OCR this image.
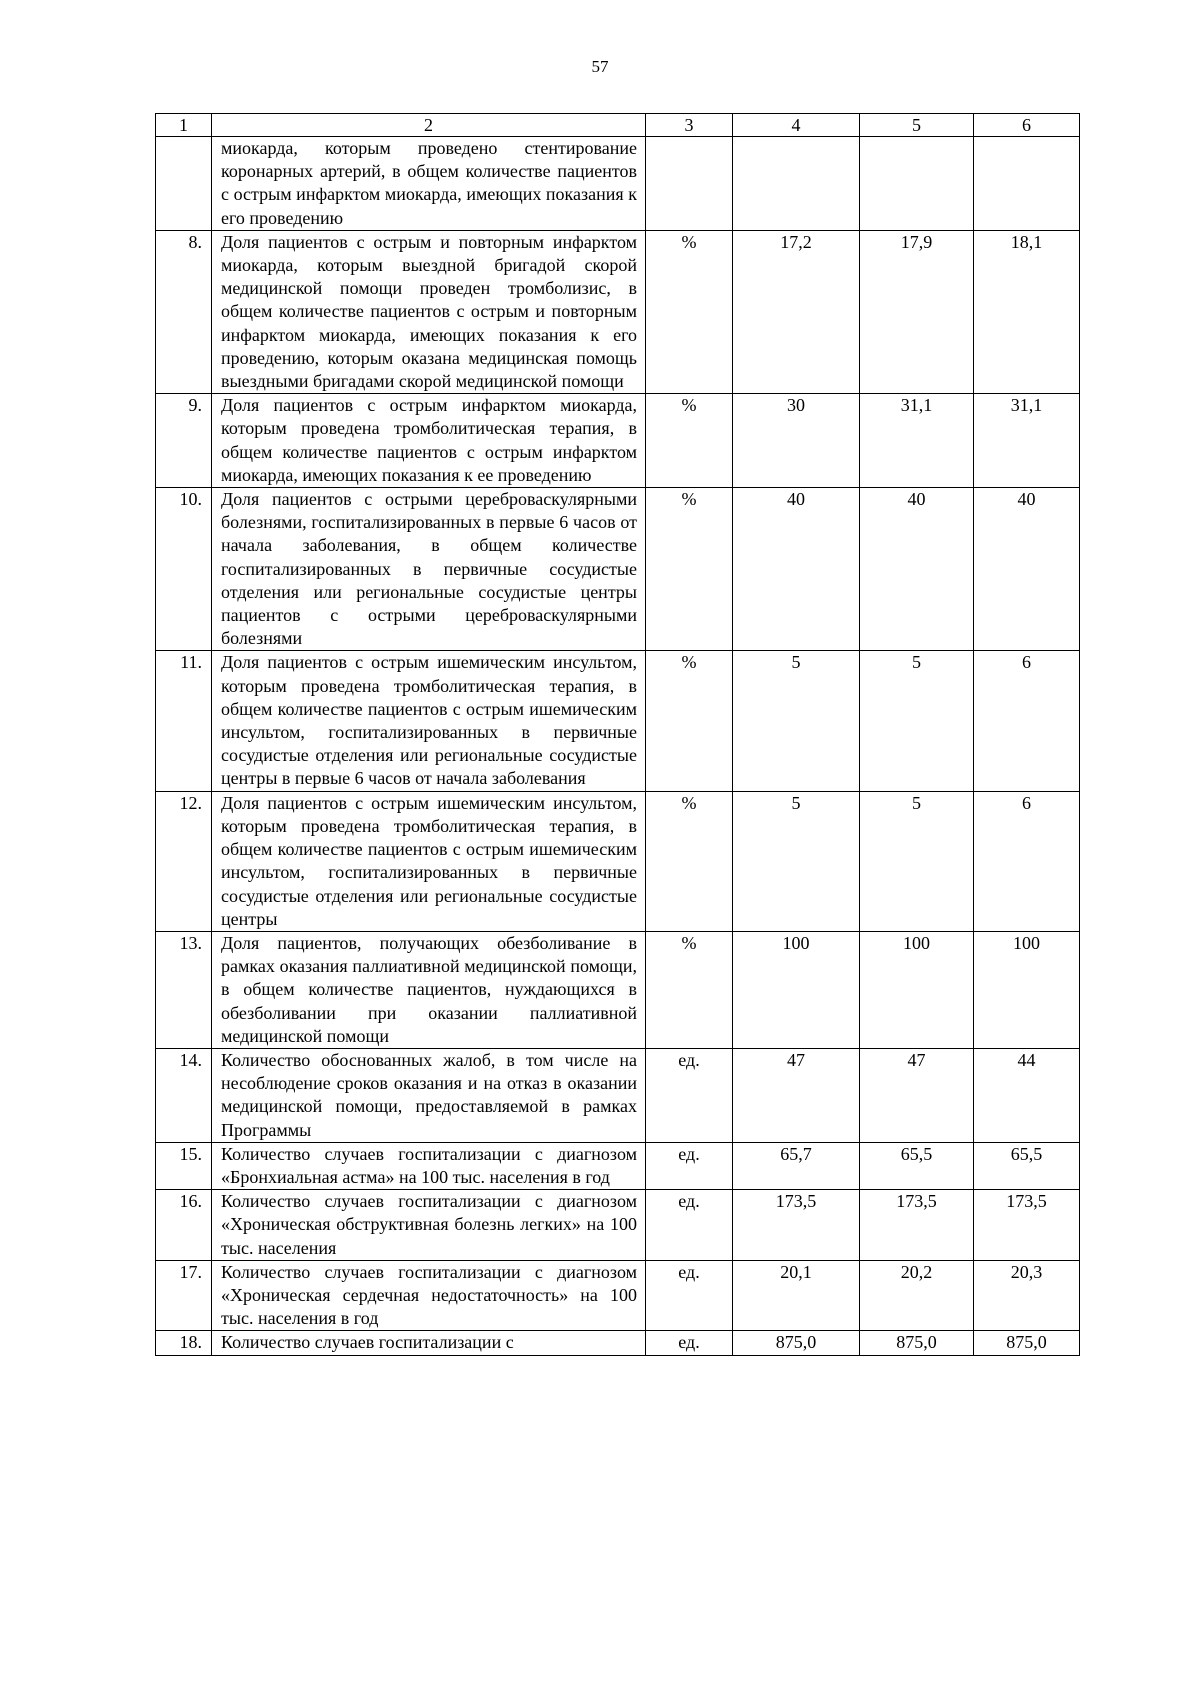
57
1	2	3	4	5	6
	миокарда, которым проведено стентирование коронарных артерий, в общем количестве пациентов с острым инфарктом миокарда, имеющих показания к его проведению				
8.	Доля пациентов с острым и повторным инфарктом миокарда, которым выездной бригадой скорой медицинской помощи проведен тромболизис, в общем количестве пациентов с острым и повторным инфарктом миокарда, имеющих показания к его проведению, которым оказана медицинская помощь выездными бригадами скорой медицинской помощи	%	17,2	17,9	18,1
9.	Доля пациентов с острым инфарктом миокарда, которым проведена тромболитическая терапия, в общем количестве пациентов с острым инфарктом миокарда, имеющих показания к ее проведению	%	30	31,1	31,1
10.	Доля пациентов с острыми цереброваскулярными болезнями, госпитализированных в первые 6 часов от начала заболевания, в общем количестве госпитализированных в первичные сосудистые отделения или региональные сосудистые центры пациентов с острыми цереброваскулярными болезнями	%	40	40	40
11.	Доля пациентов с острым ишемическим инсультом, которым проведена тромболитическая терапия, в общем количестве пациентов с острым ишемическим инсультом, госпитализированных в первичные сосудистые отделения или региональные сосудистые центры в первые 6 часов от начала заболевания	%	5	5	6
12.	Доля пациентов с острым ишемическим инсультом, которым проведена тромболитическая терапия, в общем количестве пациентов с острым ишемическим инсультом, госпитализированных в первичные сосудистые отделения или региональные сосудистые центры	%	5	5	6
13.	Доля пациентов, получающих обезболивание в рамках оказания паллиативной медицинской помощи, в общем количестве пациентов, нуждающихся в обезболивании при оказании паллиативной медицинской помощи	%	100	100	100
14.	Количество обоснованных жалоб, в том числе на несоблюдение сроков оказания и на отказ в оказании медицинской помощи, предоставляемой в рамках Программы	ед.	47	47	44
15.	Количество случаев госпитализации с диагнозом «Бронхиальная астма» на 100 тыс. населения в год	ед.	65,7	65,5	65,5
16.	Количество случаев госпитализации с диагнозом «Хроническая обструктивная болезнь легких» на 100 тыс. населения	ед.	173,5	173,5	173,5
17.	Количество случаев госпитализации с диагнозом «Хроническая сердечная недостаточность» на 100 тыс. населения в год	ед.	20,1	20,2	20,3
18.	Количество случаев госпитализации с	ед.	875,0	875,0	875,0
